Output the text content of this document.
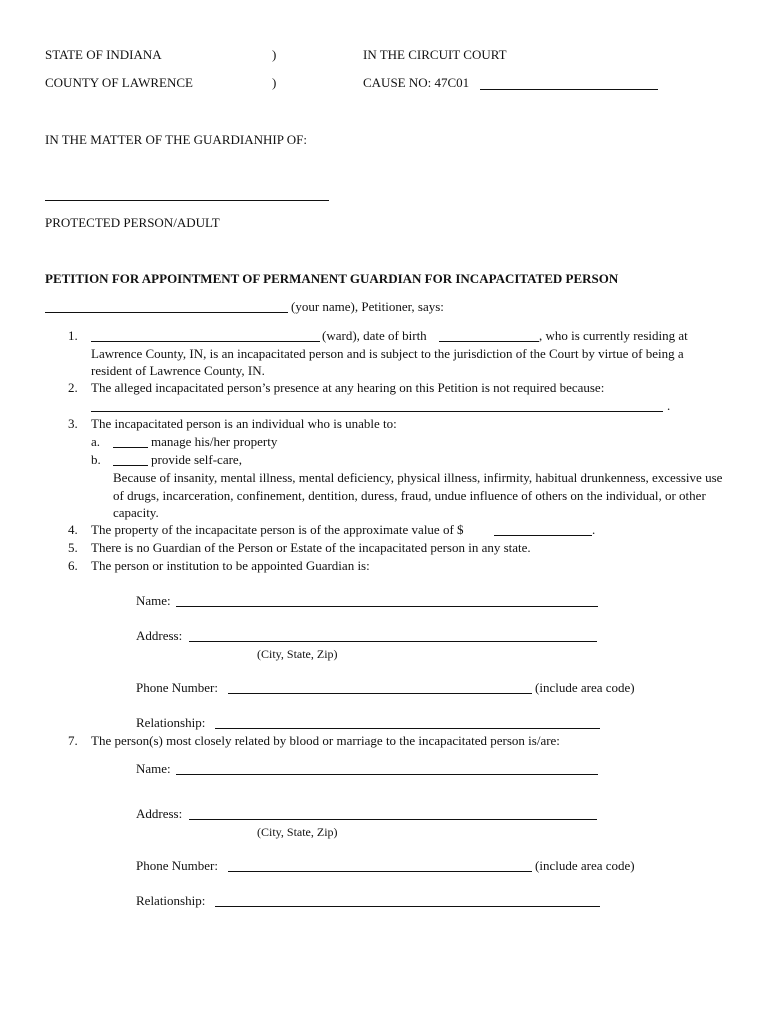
STATE OF INDIANA	)	IN THE CIRCUIT COURT
COUNTY OF LAWRENCE	)	CAUSE NO: 47C01
IN THE MATTER OF THE GUARDIANHIP OF:
PROTECTED PERSON/ADULT
PETITION FOR APPOINTMENT OF PERMANENT GUARDIAN FOR INCAPACITATED PERSON
(your name), Petitioner, says:
1.	(ward), date of birth	, who is currently residing at
Lawrence County, IN, is an incapacitated person and is subject to the jurisdiction of the Court by virtue of being a
resident of Lawrence County, IN.
2. The alleged incapacitated person’s presence at any hearing on this Petition is not required because:
.
3. The incapacitated person is an individual who is unable to:
a.	manage his/her property
b.	provide self-care,
Because of insanity, mental illness, mental deficiency, physical illness, infirmity, habitual drunkenness, excessive use of drugs, incarceration, confinement, dentition, duress, fraud, undue influence of others on the individual, or other capacity.
4. The property of the incapacitate person is of the approximate value of $	.
5. There is no Guardian of the Person or Estate of the incapacitated person in any state.
6. The person or institution to be appointed Guardian is:
Name:
Address:
(City, State, Zip)
Phone Number:	(include area code)
Relationship:
7. The person(s) most closely related by blood or marriage to the incapacitated person is/are:
Name:
Address:
(City, State, Zip)
Phone Number:	(include area code)
Relationship:
